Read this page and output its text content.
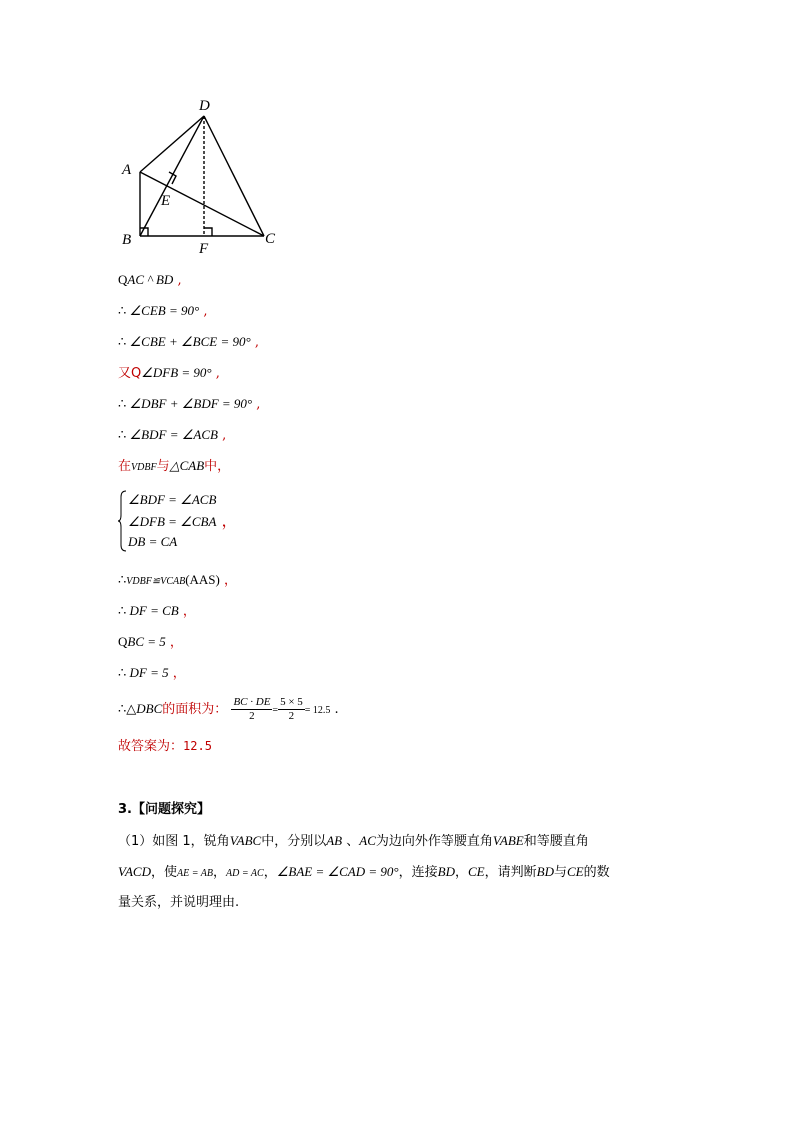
D
A
E
B
F
C
QAC ^ BD ,
∴ ∠CEB = 90° ,
∴ ∠CBE + ∠BCE = 90° ,
又Q∠DFB = 90° ,
∴ ∠DBF + ∠BDF = 90° ,
∴ ∠BDF = ∠ACB ,
在VDBF与△CAB中，
∠BDF = ∠ACB
∠DFB = ∠CBA ，
DB = CA
∴VDBF≌VCAB(AAS) ，
∴ DF = CB ，
QBC = 5 ，
∴ DF = 5 ，
∴△DBC的面积为： $\frac{BC \cdot DE}{2} = \frac{5 \times 5}{2} = 12.5$ .
故答案为：12.5
3.【问题探究】
（1）如图 1，锐角VABC中，分别以AB 、AC为边向外作等腰直角VABE和等腰直角
VACD，使AE = AB，AD = AC，∠BAE = ∠CAD = 90°，连接BD，CE，请判断BD与CE的数
量关系，并说明理由.
